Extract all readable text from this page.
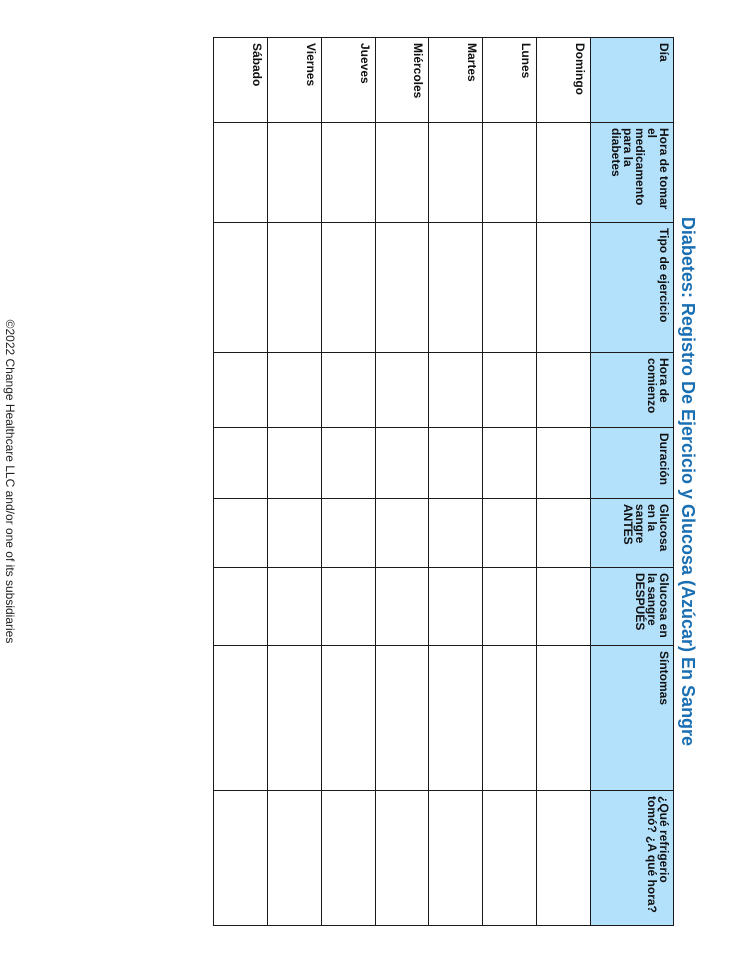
Diabetes: Registro De Ejercicio y Glucosa (Azúcar) En Sangre
Día	Hora de tomar el medicamento para la diabetes	Tipo de ejercicio	Hora de comienzo	Duración	Glucosa en la sangre ANTES	Glucosa en la sangre DESPUÉS	Síntomas	¿Qué refrigerio tomó? ¿A qué hora?
Domingo								
Lunes								
Martes								
Miércoles								
Jueves								
Viernes								
Sábado								
©2022 Change Healthcare LLC and/or one of its subsidiaries
